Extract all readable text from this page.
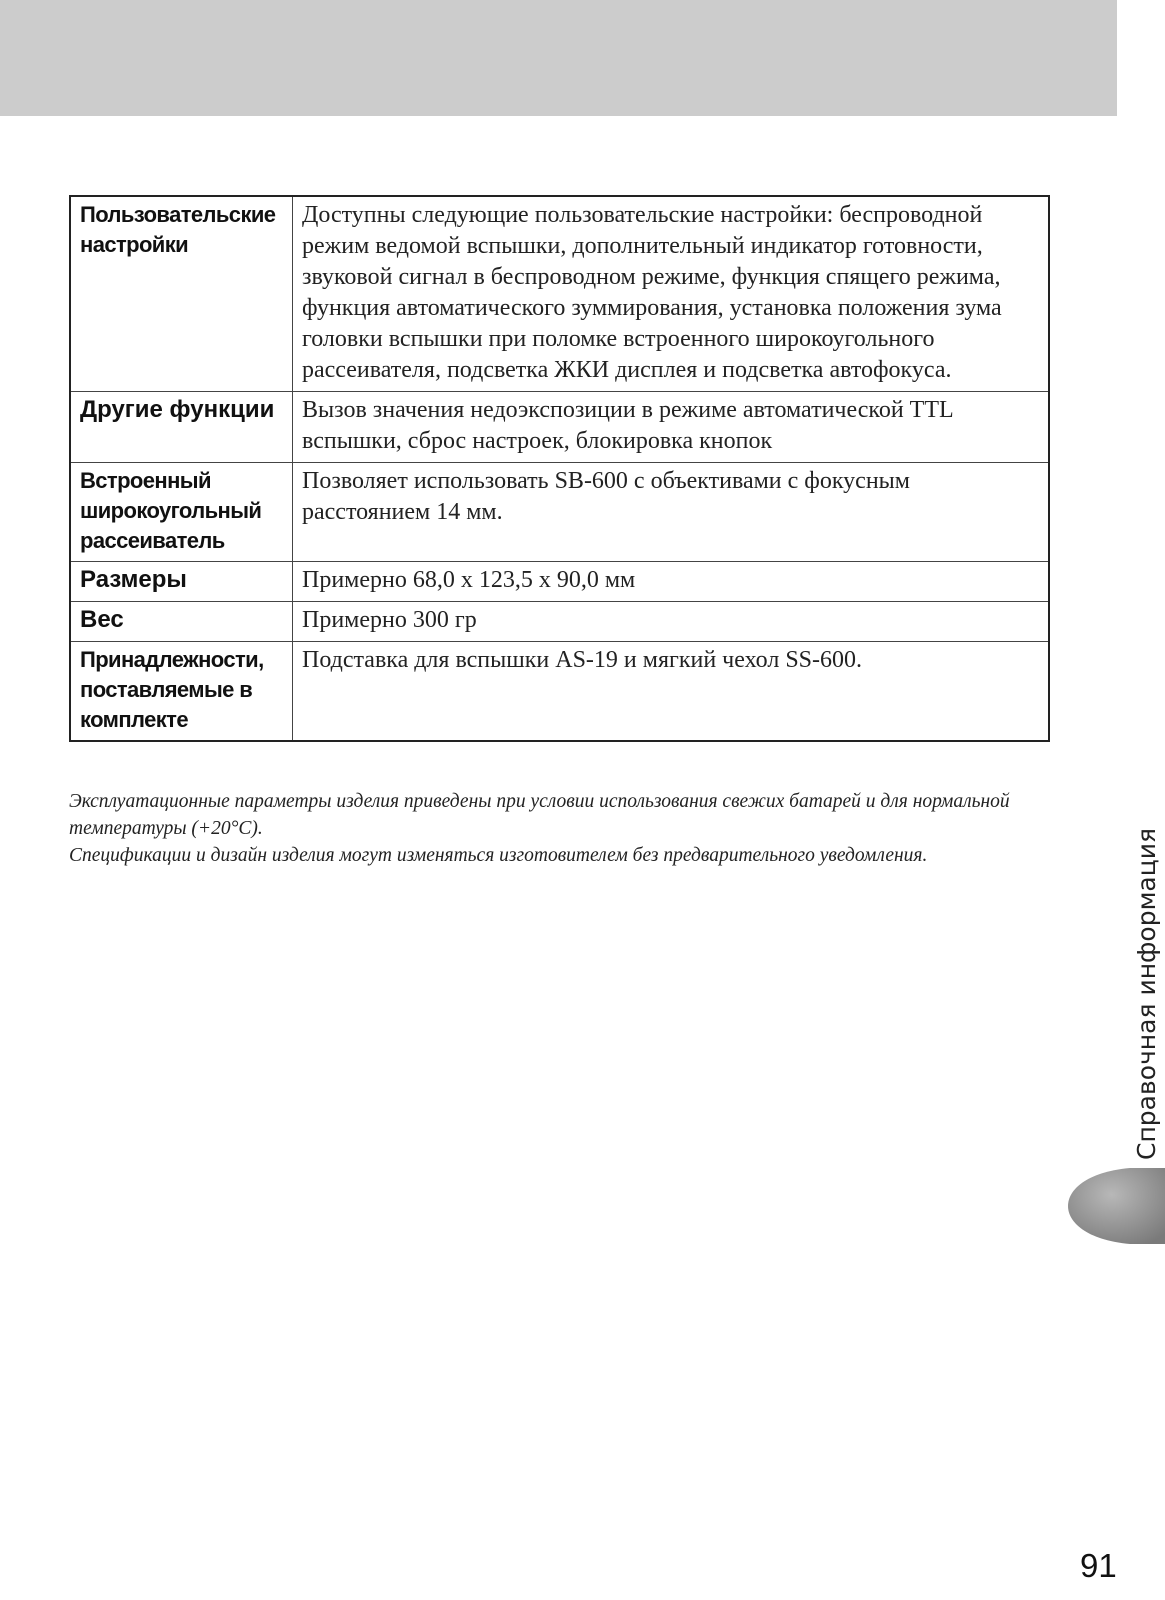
Пользовательские настройки	Доступны следующие пользовательские настройки: беспроводной режим ведомой вспышки, дополнительный индикатор готовности, звуковой сигнал в беспроводном режиме, функция спящего режима, функция автоматического зуммирования, установка положения зума головки вспышки при поломке встроенного широкоугольного рассеивателя, подсветка ЖКИ дисплея и подсветка автофокуса.
Другие функции	Вызов значения недоэкспозиции в режиме автоматической TTL вспышки, сброс настроек, блокировка кнопок
Встроенный широкоугольный рассеиватель	Позволяет использовать SB-600 с объективами с фокусным расстоянием 14 мм.
Размеры	Примерно 68,0 х 123,5 х 90,0 мм
Вес	Примерно 300 гр
Принадлежности, поставляемые в комплекте	Подставка для вспышки AS-19 и мягкий чехол SS-600.

Эксплуатационные параметры изделия приведены при условии использования свежих батарей и для нормальной температуры (+20°C).

Спецификации и дизайн изделия могут изменяться изготовителем без предварительного уведомления.	Справочная информация
91
